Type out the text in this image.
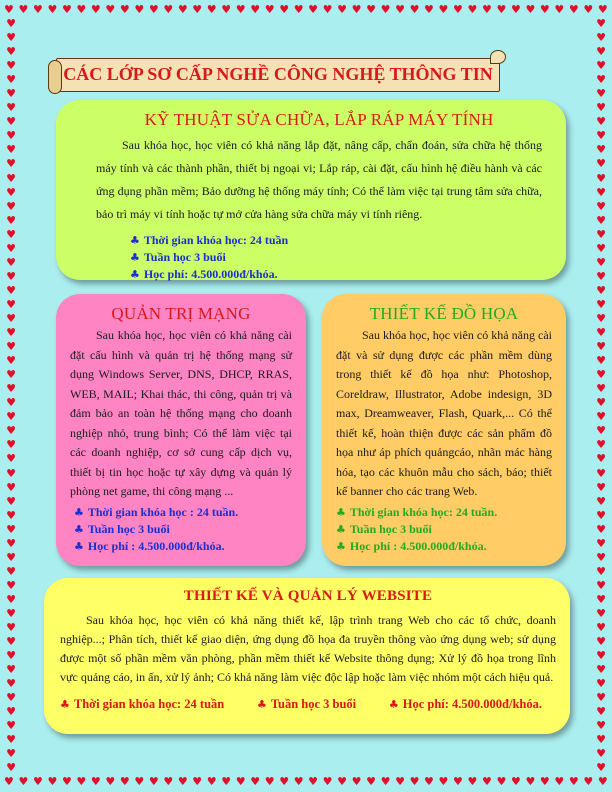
♥ ♥ ♥ ♥ ♥ ♥ ♥ ♥ ♥ ♥ ♥ ♥ ♥ ♥ ♥ ♥ ♥ ♥ ♥ ♥ ♥ ♥ ♥ ♥ ♥ ♥ ♥ ♥ ♥ ♥ ♥ ♥ ♥ ♥ ♥ ♥ ♥ ♥ ♥ ♥ ♥ ♥
♥ ♥ ♥ ♥ ♥ ♥ ♥ ♥ ♥ ♥ ♥ ♥ ♥ ♥ ♥ ♥ ♥ ♥ ♥ ♥ ♥ ♥ ♥ ♥ ♥ ♥ ♥ ♥ ♥ ♥ ♥ ♥ ♥ ♥ ♥ ♥ ♥ ♥ ♥ ♥ ♥ ♥
♥
♥
♥
♥
♥
♥
♥
♥
♥
♥
♥
♥
♥
♥
♥
♥
♥
♥
♥
♥
♥
♥
♥
♥
♥
♥
♥
♥
♥
♥
♥
♥
♥
♥
♥
♥
♥
♥
♥
♥
♥
♥
♥
♥
♥
♥
♥
♥
♥
♥
♥
♥
♥
♥
♥
♥
♥
♥
♥
♥
♥
♥
♥
♥
♥
♥
♥
♥
♥
♥
♥
♥
♥
♥
♥
♥
♥
♥
♥
♥
♥
♥
♥
♥
♥
♥
♥
♥
♥
♥
♥
♥
♥
♥
♥
♥
♥
♥
♥
♥
♥
♥
♥
♥
♥
♥
♥
♥
CÁC LỚP SƠ CẤP NGHỀ CÔNG NGHỆ THÔNG TIN
KỸ THUẬT SỬA CHỮA, LẮP RÁP MÁY TÍNH

Sau khóa học, học viên có khả năng lắp đặt, nâng cấp, chẩn đoán, sửa chữa hệ thống máy tính và các thành phần, thiết bị ngoại vi; Lắp ráp, cài đặt, cấu hình hệ điều hành và các ứng dụng phần mềm; Bảo dưỡng hệ thống máy tính; Có thể làm việc tại trung tâm sửa chữa, bảo trì máy vi tính hoặc tự mở cửa hàng sửa chữa máy vi tính riêng.

♣ Thời gian khóa học: 24 tuần
♣ Tuần học 3 buổi
♣ Học phí: 4.500.000đ/khóa.
QUẢN TRỊ MẠNG

Sau khóa học, học viên có khả năng cài đặt cấu hình và quản trị hệ thống mạng sử dụng Windows Server, DNS, DHCP, RRAS, WEB, MAIL; Khai thác, thi công, quản trị và đảm bảo an toàn hệ thống mạng cho doanh nghiệp nhỏ, trung bình; Có thể làm việc tại các doanh nghiệp, cơ sở cung cấp dịch vụ, thiết bị tin học hoặc tự xây dựng và quản lý phòng net game, thi công mạng ...

♣ Thời gian khóa học : 24 tuần.
♣ Tuần học 3 buổi
♣ Học phí : 4.500.000đ/khóa.
THIẾT KẾ ĐỒ HỌA

Sau khóa học, học viên có khả năng cài đặt và sử dụng được các phần mềm dùng trong thiết kế đồ họa như: Photoshop, Coreldraw, Illustrator, Adobe indesign, 3D max, Dreamweaver, Flash, Quark,... Có thể thiết kế, hoàn thiện được các sản phẩm đồ họa như áp phích quảngcáo, nhãn mác hàng hóa, tạo các khuôn mẫu cho sách, báo; thiết kế banner cho các trang Web.

♣ Thời gian khóa học: 24 tuần.
♣ Tuần học 3 buổi
♣ Học phí : 4.500.000đ/khóa.
THIẾT KẾ VÀ QUẢN LÝ WEBSITE

Sau khóa học, học viên có khả năng thiết kế, lập trình trang Web cho các tổ chức, doanh nghiệp...; Phân tích, thiết kế giao diện, ứng dụng đồ họa đa truyền thông vào ứng dụng web; sử dụng được một số phần mềm văn phòng, phần mềm thiết kế Website thông dụng; Xử lý đồ họa trong lĩnh vực quảng cáo, in ấn, xử lý ảnh; Có khả năng làm việc độc lập hoặc làm việc nhóm một cách hiệu quả.

♣ Thời gian khóa học: 24 tuần	♣ Tuần học 3 buổi	♣ Học phí: 4.500.000đ/khóa.
